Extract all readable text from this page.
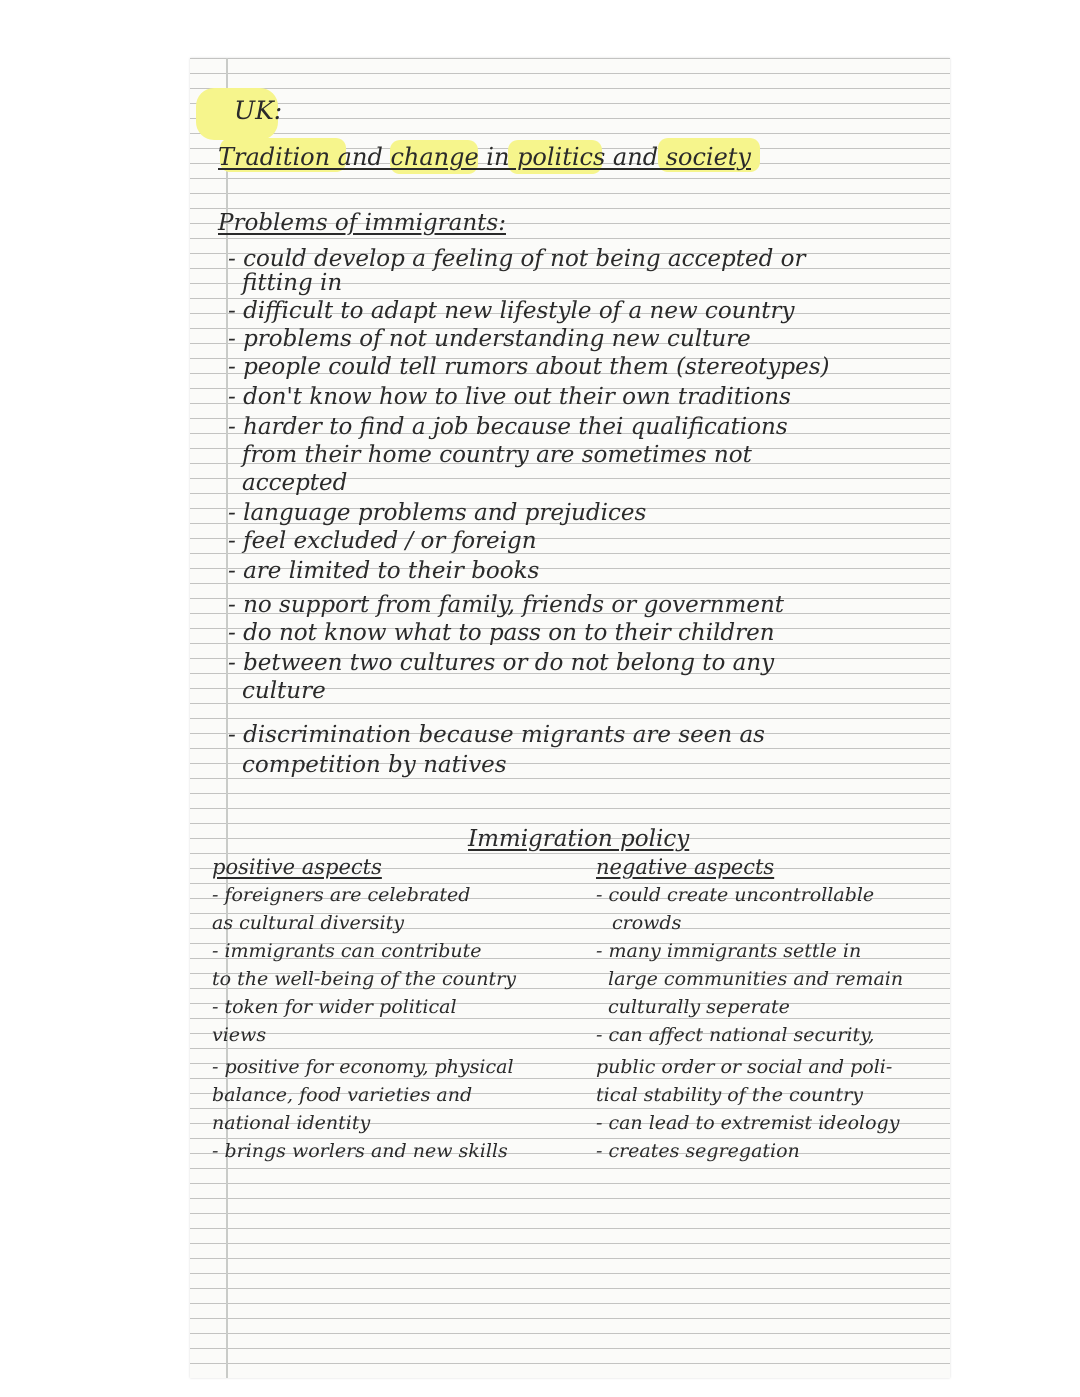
UK:
Tradition and change in politics and society
Problems of immigrants:
- could develop a feeling of not being accepted or
fitting in
- difficult to adapt new lifestyle of a new country
- problems of not understanding new culture
- people could tell rumors about them (stereotypes)
- don't know how to live out their own traditions
- harder to find a job because thei qualifications
from their home country are sometimes not
accepted
- language problems and prejudices
- feel excluded / or foreign
- are limited to their books
- no support from family, friends or government
- do not know what to pass on to their children
- between two cultures or do not belong to any
culture
- discrimination because migrants are seen as
competition by natives
Immigration policy
positive aspects
- foreigners are celebrated
as cultural diversity
- immigrants can contribute
to the well-being of the country
- token for wider political
views
- positive for economy, physical
balance, food varieties and
national identity
- brings worlers and new skills
negative aspects
- could create uncontrollable
crowds
- many immigrants settle in
large communities and remain
culturally seperate
- can affect national security,
public order or social and poli-
tical stability of the country
- can lead to extremist ideology
- creates segregation
